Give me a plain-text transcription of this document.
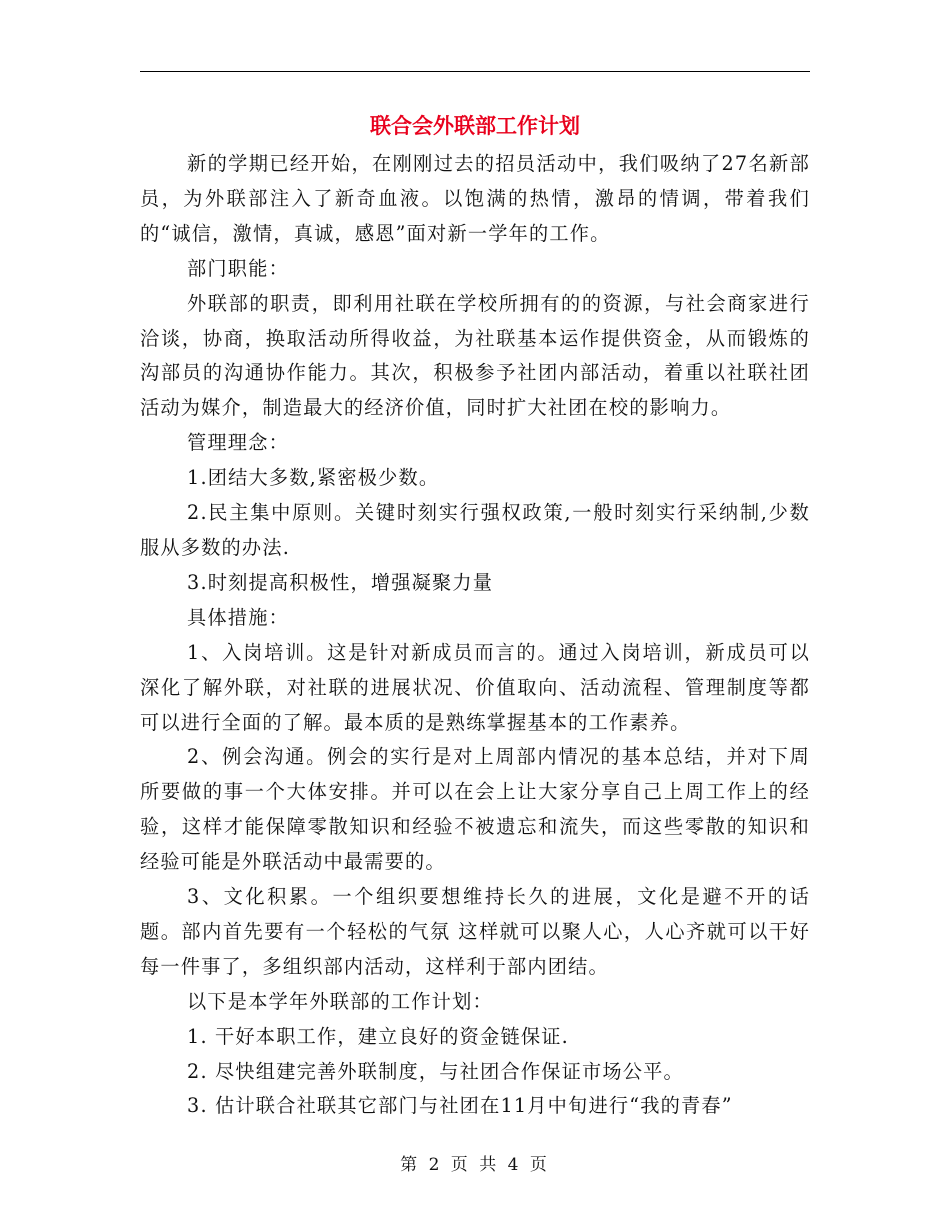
联合会外联部工作计划

新的学期已经开始，在刚刚过去的招员活动中，我们吸纳了27名新部员，为外联部注入了新奇血液。以饱满的热情，激昂的情调，带着我们的“诚信，激情，真诚，感恩”面对新一学年的工作。

部门职能：

外联部的职责，即利用社联在学校所拥有的的资源，与社会商家进行洽谈，协商，换取活动所得收益，为社联基本运作提供资金，从而锻炼的沟部员的沟通协作能力。其次，积极参予社团内部活动，着重以社联社团活动为媒介，制造最大的经济价值，同时扩大社团在校的影响力。

管理理念：

1.团结大多数,紧密极少数。

2.民主集中原则。关键时刻实行强权政策,一般时刻实行采纳制,少数服从多数的办法.

3.时刻提高积极性，增强凝聚力量

具体措施：

1、入岗培训。这是针对新成员而言的。通过入岗培训，新成员可以深化了解外联，对社联的进展状况、价值取向、活动流程、管理制度等都可以进行全面的了解。最本质的是熟练掌握基本的工作素养。

2、例会沟通。例会的实行是对上周部内情况的基本总结，并对下周所要做的事一个大体安排。并可以在会上让大家分享自己上周工作上的经验，这样才能保障零散知识和经验不被遗忘和流失，而这些零散的知识和经验可能是外联活动中最需要的。

3、文化积累。一个组织要想维持长久的进展，文化是避不开的话题。部内首先要有一个轻松的气氛 这样就可以聚人心，人心齐就可以干好每一件事了，多组织部内活动，这样利于部内团结。

以下是本学年外联部的工作计划：

1. 干好本职工作，建立良好的资金链保证.

2. 尽快组建完善外联制度，与社团合作保证市场公平。

3. 估计联合社联其它部门与社团在11月中旬进行“我的青春”

第 2 页 共 4 页
